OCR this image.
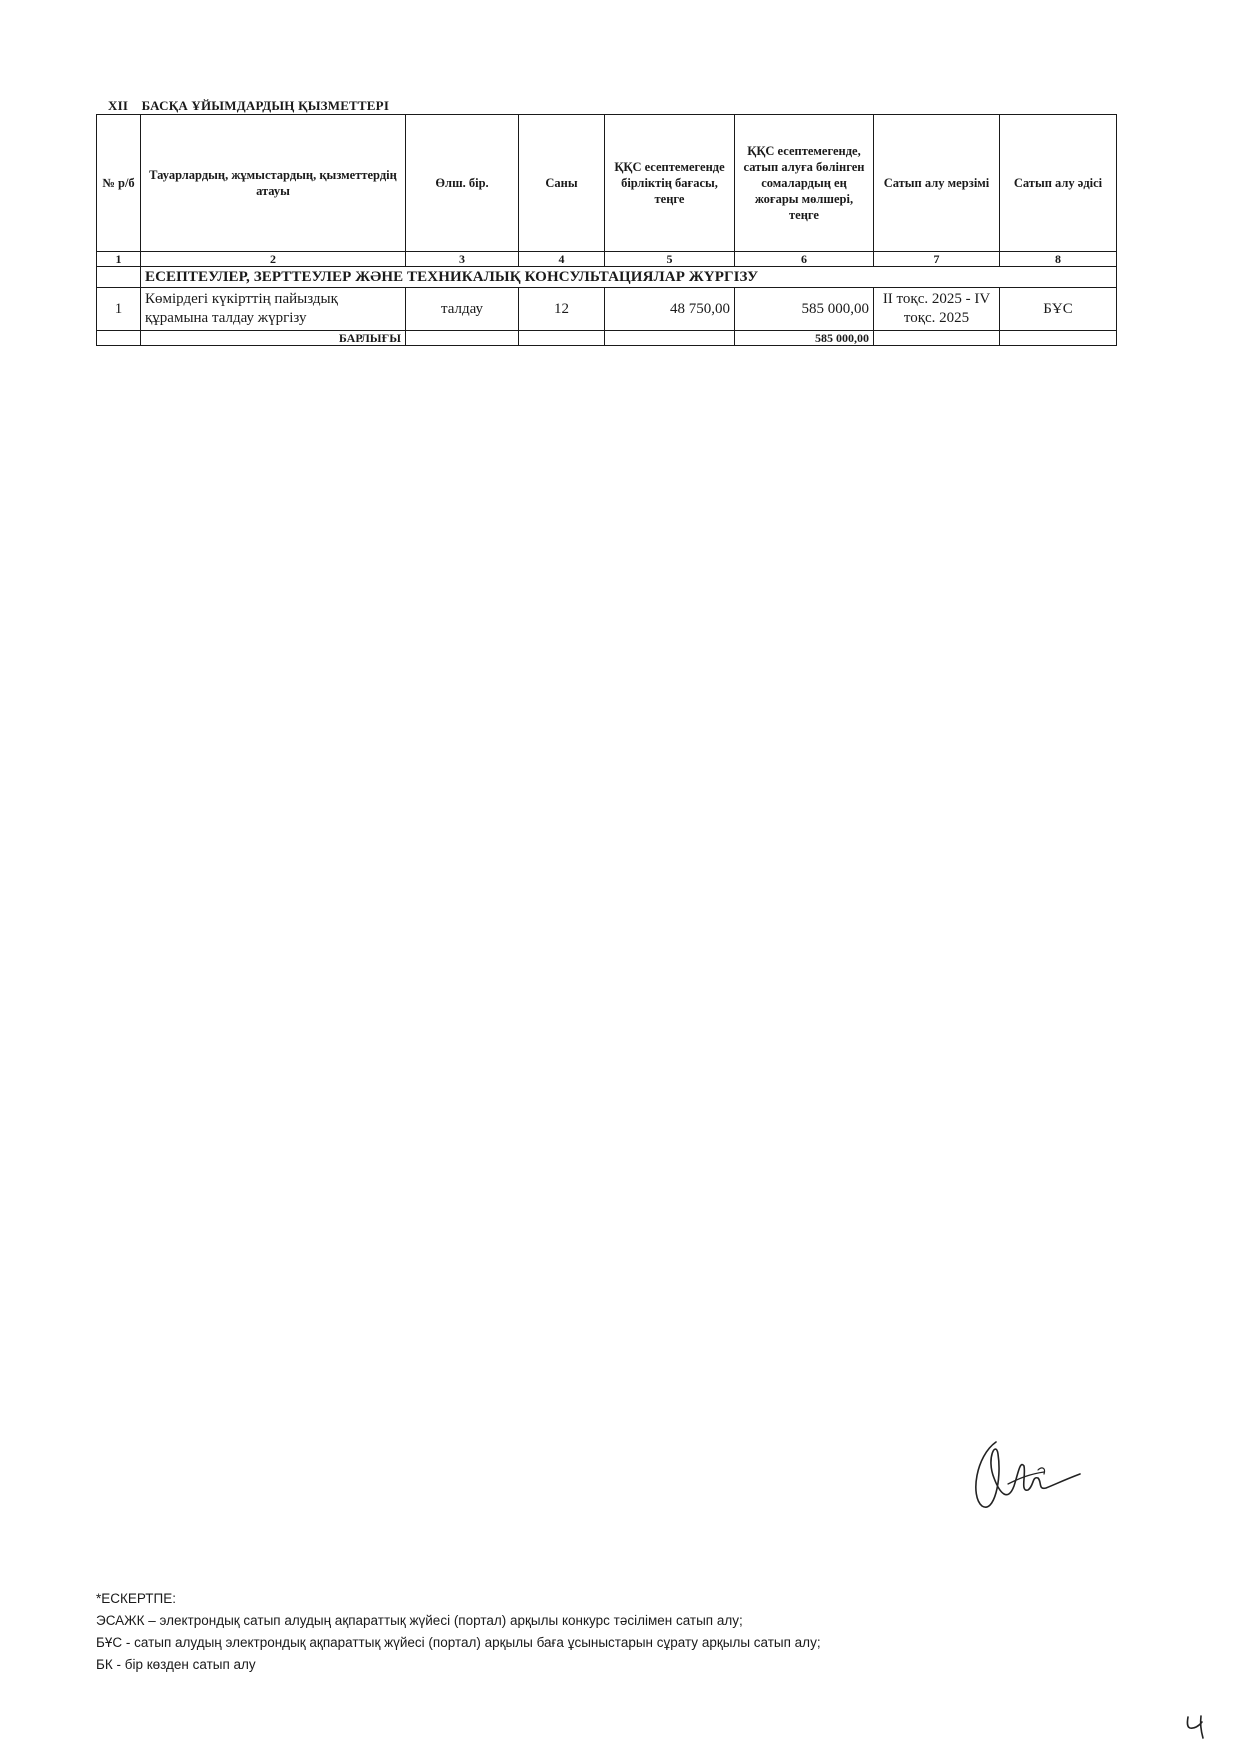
XII БАСҚА ҰЙЫМДАРДЫҢ ҚЫЗМЕТТЕРІ
№ р/б	Тауарлардың, жұмыстардың, қызметтердің атауы	Өлш. бір.	Саны	ҚҚС есептемегенде бірліктің бағасы, теңге	ҚҚС есептемегенде, сатып алуға бөлінген сомалардың ең жоғары мөлшері, теңге	Сатып алу мерзімі	Сатып алу әдісі
1	2	3	4	5	6	7	8
	ЕСЕПТЕУЛЕР, ЗЕРТТЕУЛЕР ЖӘНЕ ТЕХНИКАЛЫҚ КОНСУЛЬТАЦИЯЛАР ЖҮРГІЗУ						
1	Көмірдегі күкірттің пайыздық құрамына талдау жүргізу	талдау	12	48 750,00	585 000,00	II тоқс. 2025 - IV тоқс. 2025	БҰС
	БАРЛЫҒЫ				585 000,00		
*ЕСКЕРТПЕ:
ЭСАЖК – электрондық сатып алудың ақпараттық жүйесі (портал) арқылы конкурс тәсілімен сатып алу;
БҰС - сатып алудың электрондық ақпараттық жүйесі (портал) арқылы баға ұсыныстарын сұрату арқылы сатып алу;
БК - бір көзден сатып алу
